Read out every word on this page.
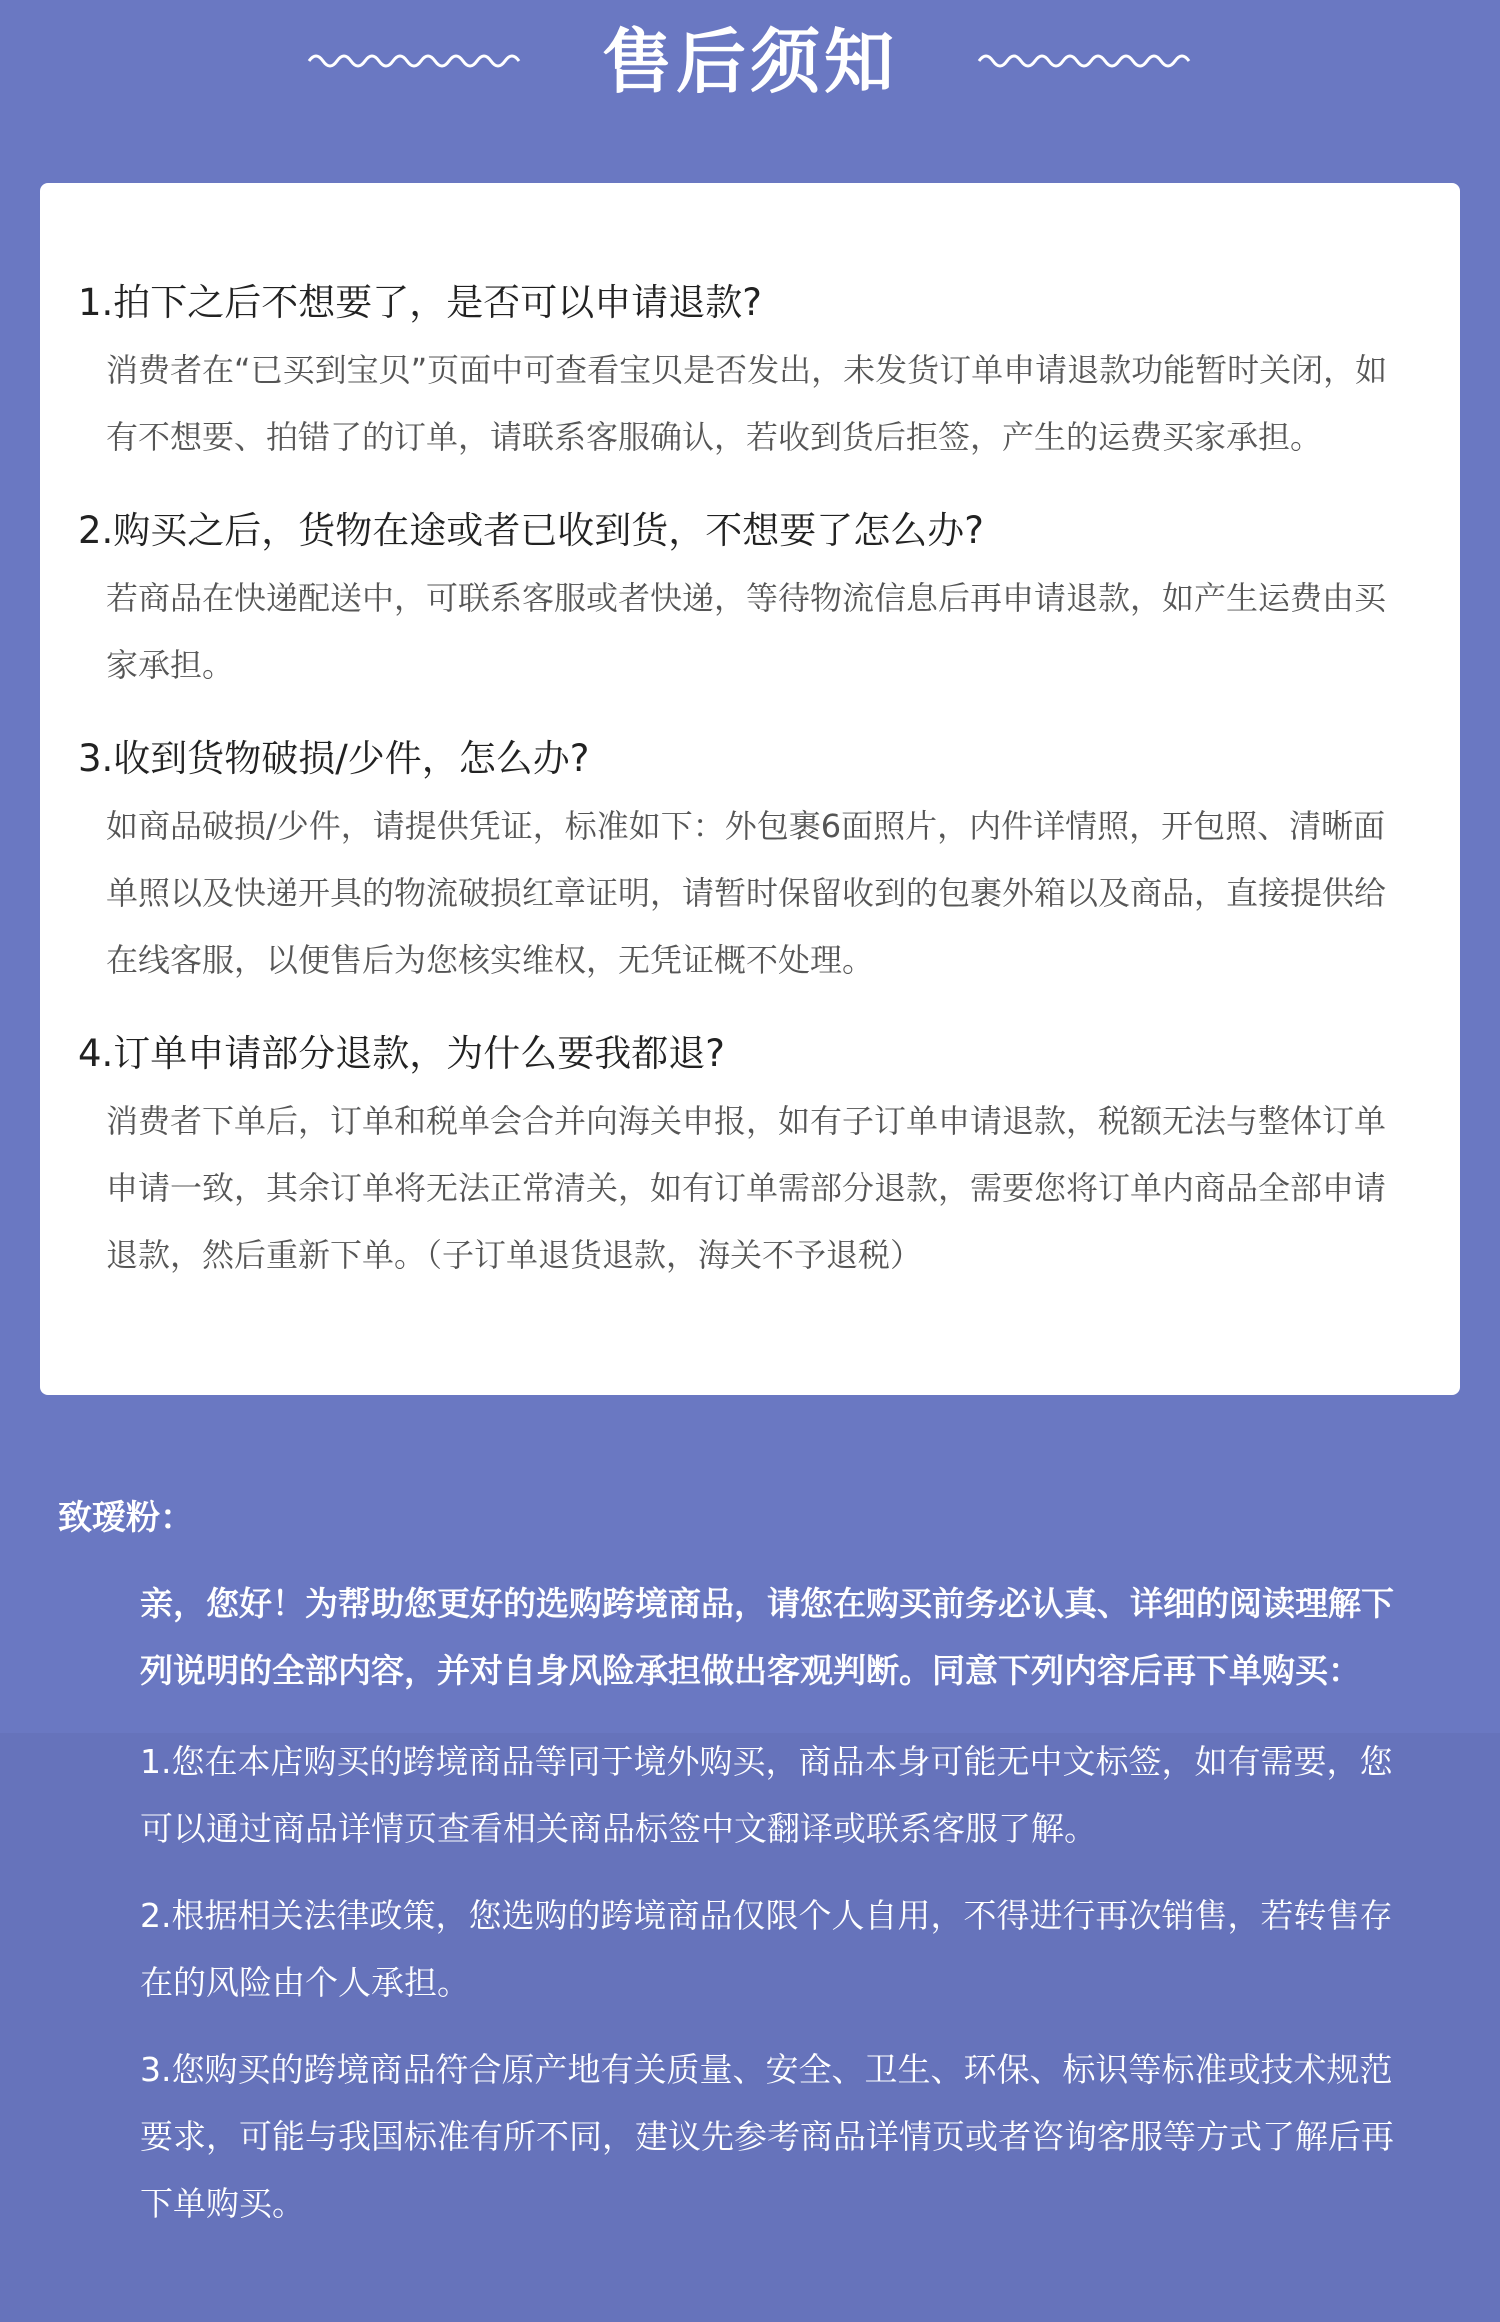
售后须知

1.拍下之后不想要了，是否可以申请退款?

消费者在“已买到宝贝”页面中可查看宝贝是否发出，未发货订单申请退款功能暂时关闭，如有不想要、拍错了的订单，请联系客服确认，若收到货后拒签，产生的运费买家承担。

2.购买之后，货物在途或者已收到货，不想要了怎么办?

若商品在快递配送中，可联系客服或者快递，等待物流信息后再申请退款，如产生运费由买家承担。

3.收到货物破损/少件，怎么办?

如商品破损/少件，请提供凭证，标准如下：外包裹6面照片，内件详情照，开包照、清晰面单照以及快递开具的物流破损红章证明，请暂时保留收到的包裹外箱以及商品，直接提供给在线客服，以便售后为您核实维权，无凭证概不处理。

4.订单申请部分退款，为什么要我都退?

消费者下单后，订单和税单会合并向海关申报，如有子订单申请退款，税额无法与整体订单申请一致，其余订单将无法正常清关，如有订单需部分退款，需要您将订单内商品全部申请退款，然后重新下单。（子订单退货退款，海关不予退税）

致瑷粉：

亲，您好！为帮助您更好的选购跨境商品，请您在购买前务必认真、详细的阅读理解下列说明的全部内容，并对自身风险承担做出客观判断。同意下列内容后再下单购买：

1.您在本店购买的跨境商品等同于境外购买，商品本身可能无中文标签，如有需要，您可以通过商品详情页查看相关商品标签中文翻译或联系客服了解。

2.根据相关法律政策，您选购的跨境商品仅限个人自用，不得进行再次销售，若转售存在的风险由个人承担。

3.您购买的跨境商品符合原产地有关质量、安全、卫生、环保、标识等标准或技术规范要求，可能与我国标准有所不同，建议先参考商品详情页或者咨询客服等方式了解后再下单购买。
